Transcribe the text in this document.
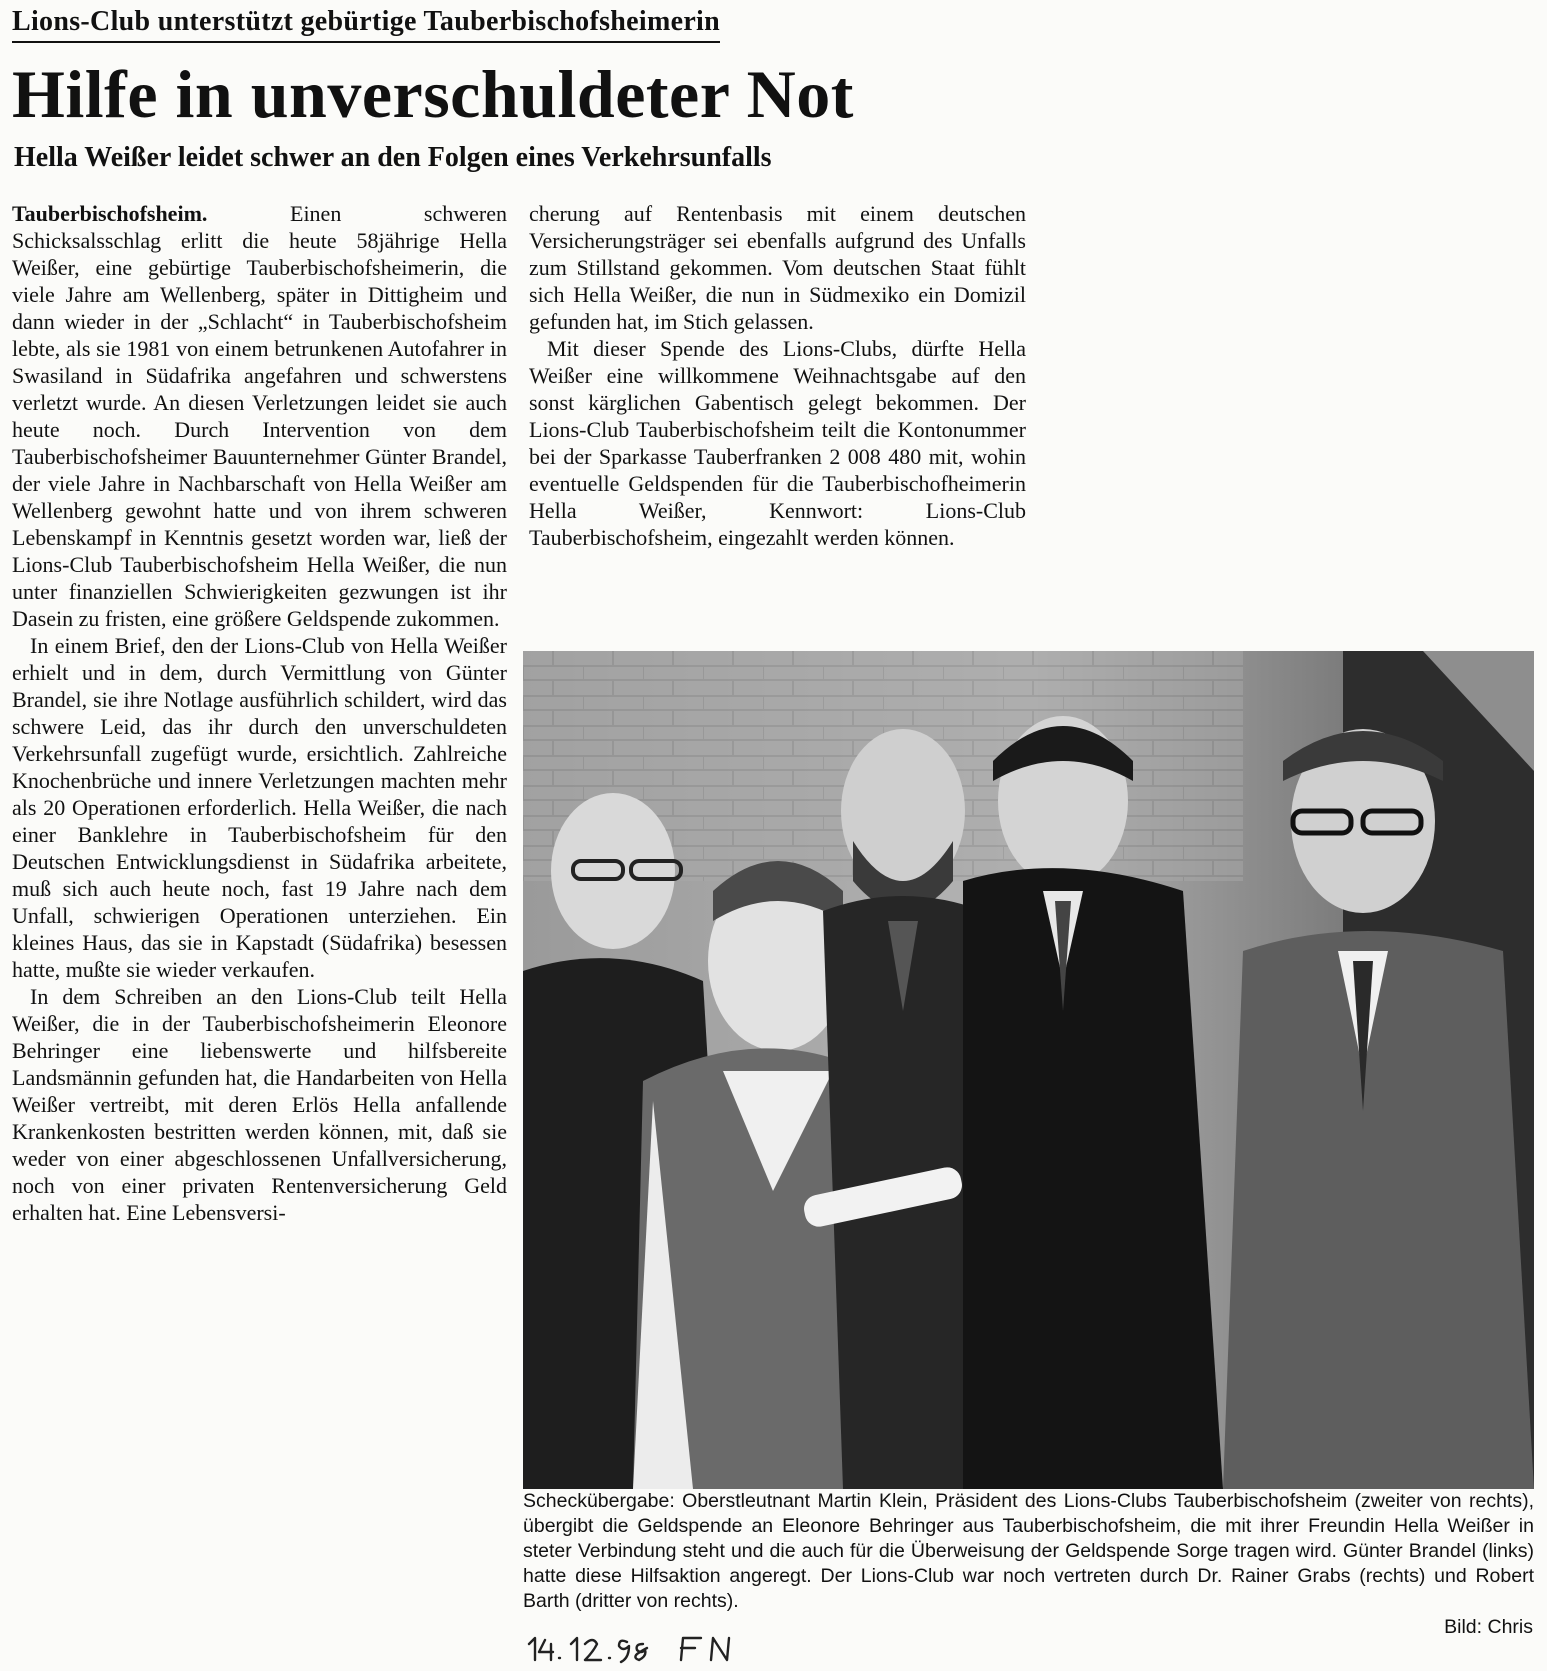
Lions-Club unterstützt gebürtige Tauberbischofsheimerin
Hilfe in unverschuldeter Not
Hella Weißer leidet schwer an den Folgen eines Verkehrsunfalls

Tauberbischofsheim.	Einen schweren Schicksalsschlag erlitt die heute 58jährige Hella Weißer, eine gebürtige Tauberbischofsheimerin, die viele Jahre am Wellenberg, später in Dittigheim und dann wieder in der „Schlacht“ in Tauberbischofsheim lebte, als sie 1981 von einem betrunkenen Autofahrer in Swasiland in Südafrika angefahren und schwerstens verletzt wurde. An diesen Verletzungen leidet sie auch heute noch. Durch Intervention von dem Tauberbischofsheimer Bauunternehmer Günter Brandel, der viele Jahre in Nachbarschaft von Hella Weißer am Wellenberg gewohnt hatte und von ihrem schweren Lebenskampf in Kenntnis gesetzt worden war, ließ der Lions-Club Tauberbischofsheim Hella Weißer, die nun unter finanziellen Schwierigkeiten gezwungen ist ihr Dasein zu fristen, eine größere Geldspende zukommen.

In einem Brief, den der Lions-Club von Hella Weißer erhielt und in dem, durch Vermittlung von Günter Brandel, sie ihre Notlage ausführlich schildert, wird das schwere Leid, das ihr durch den unverschuldeten Verkehrsunfall zugefügt wurde, ersichtlich. Zahlreiche Knochenbrüche und innere Verletzungen machten mehr als 20 Operationen erforderlich. Hella Weißer, die nach einer Banklehre in Tauberbischofsheim für den Deutschen Entwicklungsdienst in Südafrika arbeitete, muß sich auch heute noch, fast 19 Jahre nach dem Unfall, schwierigen Operationen unterziehen. Ein kleines Haus, das sie in Kapstadt (Südafrika) besessen hatte, mußte sie wieder verkaufen.

In dem Schreiben an den Lions-Club teilt Hella Weißer, die in der Tauberbischofsheimerin Eleonore Behringer eine liebenswerte und hilfsbereite Landsmännin gefunden hat, die Handarbeiten von Hella Weißer vertreibt, mit deren Erlös Hella anfallende Krankenkosten bestritten werden können, mit, daß sie weder von einer abgeschlossenen Unfallversicherung, noch von einer privaten Rentenversicherung Geld erhalten hat. Eine Lebensversi-

cherung auf Rentenbasis mit einem deutschen Versicherungsträger sei ebenfalls aufgrund des Unfalls zum Stillstand gekommen. Vom deutschen Staat fühlt sich Hella Weißer, die nun in Südmexiko ein Domizil gefunden hat, im Stich gelassen.

Mit dieser Spende des Lions-Clubs, dürfte Hella Weißer eine willkommene Weihnachtsgabe auf den sonst kärglichen Gabentisch gelegt bekommen. Der Lions-Club Tauberbischofsheim teilt die Kontonummer bei der Sparkasse Tauberfranken 2 008 480 mit, wohin eventuelle Geldspenden für die Tauberbischofheimerin Hella Weißer, Kennwort: Lions-Club Tauberbischofsheim, eingezahlt werden können.

Scheckübergabe: Oberstleutnant Martin Klein, Präsident des Lions-Clubs Tauberbischofsheim (zweiter von rechts), übergibt die Geldspende an Eleonore Behringer aus Tauberbischofsheim, die mit ihrer Freundin Hella Weißer in steter Verbindung steht und die auch für die Überweisung der Geldspende Sorge tragen wird. Günter Brandel (links) hatte diese Hilfsaktion angeregt. Der Lions-Club war noch vertreten durch Dr. Rainer Grabs (rechts) und Robert Barth (dritter von rechts).
Bild: Chris
